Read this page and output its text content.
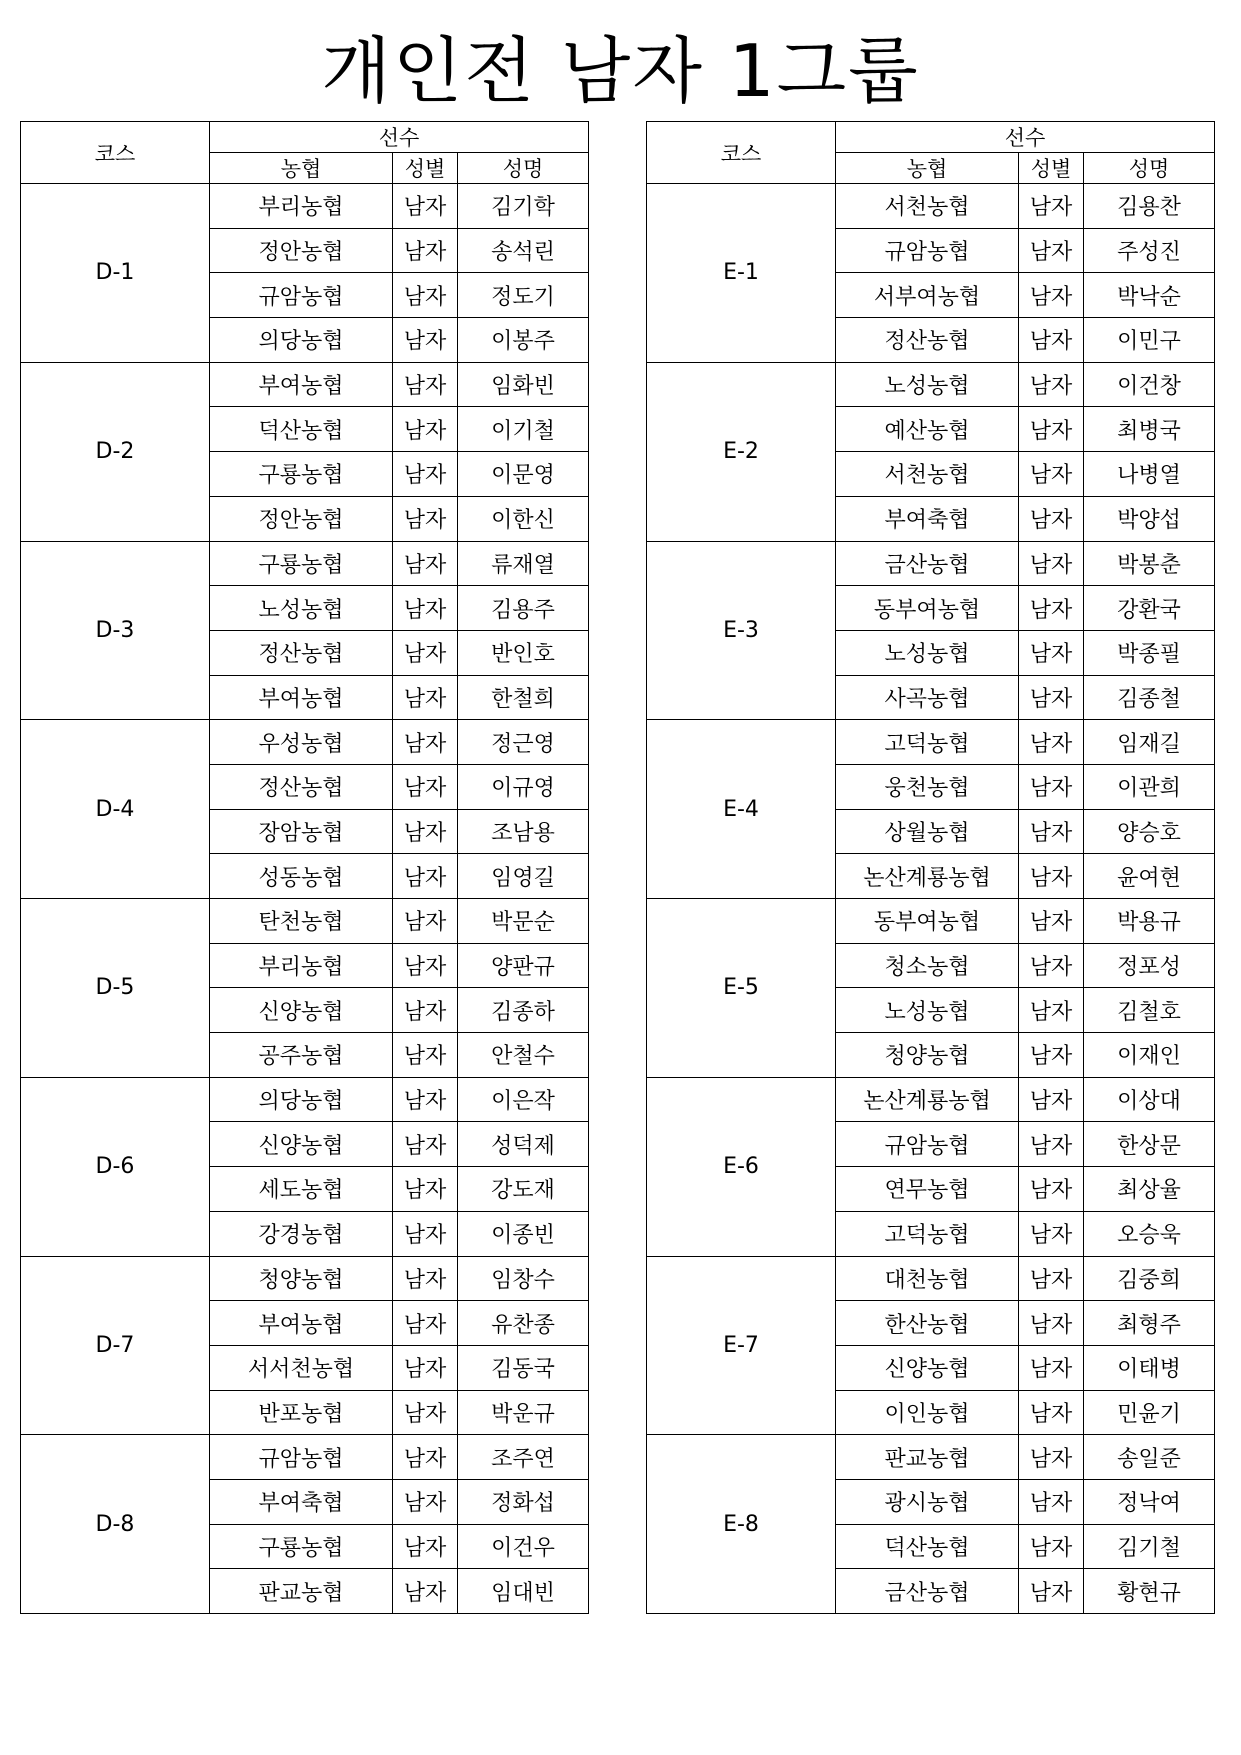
개인전 남자 1그룹
코스	선수		
	농협	성별	성명
D-1	부리농협	남자	김기학
	정안농협	남자	송석린
	규암농협	남자	정도기
	의당농협	남자	이봉주
D-2	부여농협	남자	임화빈
	덕산농협	남자	이기철
	구룡농협	남자	이문영
	정안농협	남자	이한신
D-3	구룡농협	남자	류재열
	노성농협	남자	김용주
	정산농협	남자	반인호
	부여농협	남자	한철희
D-4	우성농협	남자	정근영
	정산농협	남자	이규영
	장암농협	남자	조남용
	성동농협	남자	임영길
D-5	탄천농협	남자	박문순
	부리농협	남자	양판규
	신양농협	남자	김종하
	공주농협	남자	안철수
D-6	의당농협	남자	이은작
	신양농협	남자	성덕제
	세도농협	남자	강도재
	강경농협	남자	이종빈
D-7	청양농협	남자	임창수
	부여농협	남자	유찬종
	서서천농협	남자	김동국
	반포농협	남자	박운규
D-8	규암농협	남자	조주연
	부여축협	남자	정화섭
	구룡농협	남자	이건우
	판교농협	남자	임대빈
코스	선수		
	농협	성별	성명
E-1	서천농협	남자	김용찬
	규암농협	남자	주성진
	서부여농협	남자	박낙순
	정산농협	남자	이민구
E-2	노성농협	남자	이건창
	예산농협	남자	최병국
	서천농협	남자	나병열
	부여축협	남자	박양섭
E-3	금산농협	남자	박봉춘
	동부여농협	남자	강환국
	노성농협	남자	박종필
	사곡농협	남자	김종철
E-4	고덕농협	남자	임재길
	웅천농협	남자	이관희
	상월농협	남자	양승호
	논산계룡농협	남자	윤여현
E-5	동부여농협	남자	박용규
	청소농협	남자	정포성
	노성농협	남자	김철호
	청양농협	남자	이재인
E-6	논산계룡농협	남자	이상대
	규암농협	남자	한상문
	연무농협	남자	최상율
	고덕농협	남자	오승욱
E-7	대천농협	남자	김중희
	한산농협	남자	최형주
	신양농협	남자	이태병
	이인농협	남자	민윤기
E-8	판교농협	남자	송일준
	광시농협	남자	정낙여
	덕산농협	남자	김기철
	금산농협	남자	황현규
